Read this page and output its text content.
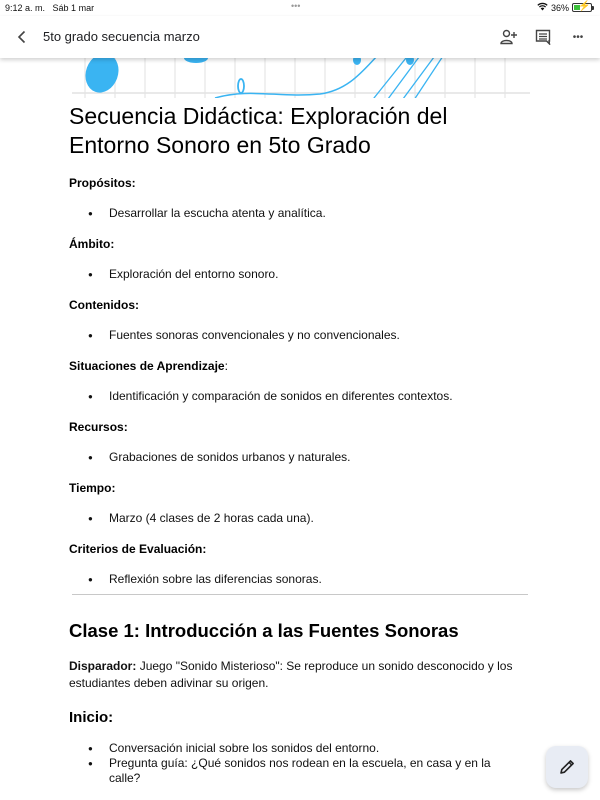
9:12 a. m. Sáb 1 mar	•••	36% ⚡
5to grado secuencia marzo	•••
Secuencia Didáctica: Exploración del Entorno Sonoro en 5to Grado
Propósitos:
● Desarrollar la escucha atenta y analítica.
Ámbito:
● Exploración del entorno sonoro.
Contenidos:
● Fuentes sonoras convencionales y no convencionales.
Situaciones de Aprendizaje:
● Identificación y comparación de sonidos en diferentes contextos.
Recursos:
● Grabaciones de sonidos urbanos y naturales.
Tiempo:
● Marzo (4 clases de 2 horas cada una).
Criterios de Evaluación:
● Reflexión sobre las diferencias sonoras.
Clase 1: Introducción a las Fuentes Sonoras

Disparador: Juego "Sonido Misterioso": Se reproduce un sonido desconocido y los estudiantes deben adivinar su origen.

Inicio:
● Conversación inicial sobre los sonidos del entorno.
● Pregunta guía: ¿Qué sonidos nos rodean en la escuela, en casa y en la calle?
